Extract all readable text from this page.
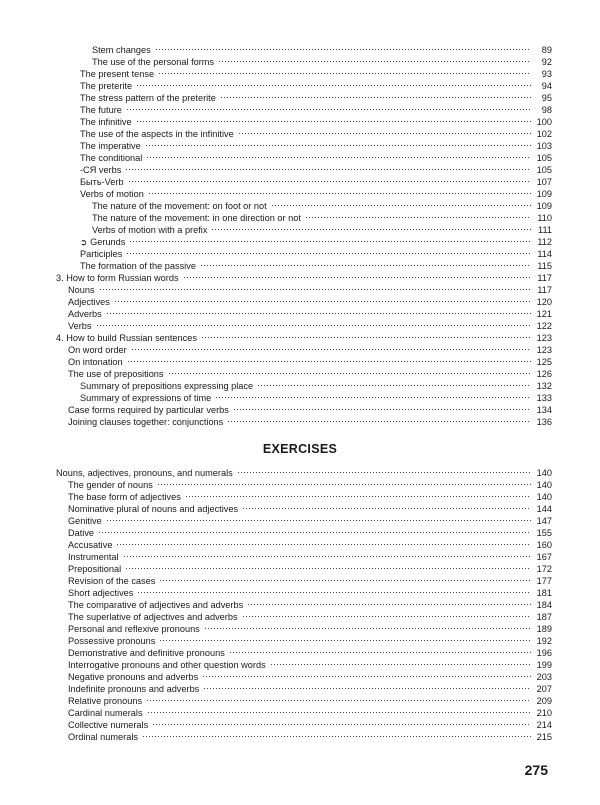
Stem changes	89
The use of the personal forms	92
The present tense	93
The preterite	94
The stress pattern of the preterite	95
The future	98
The infinitive	100
The use of the aspects in the infinitive	102
The imperative	103
The conditional	105
-СЯ verbs	105
Быть-Verb	107
Verbs of motion	109
The nature of the movement: on foot or not	109
The nature of the movement: in one direction or not	110
Verbs of motion with a prefix	111
➲ Gerunds	112
Participles	114
The formation of the passive	115
3. How to form Russian words	117
Nouns	117
Adjectives	120
Adverbs	121
Verbs	122
4. How to build Russian sentences	123
On word order	123
On intonation	125
The use of prepositions	126
Summary of prepositions expressing place	132
Summary of expressions of time	133
Case forms required by particular verbs	134
Joining clauses together: conjunctions	136
EXERCISES
Nouns, adjectives, pronouns, and numerals	140
The gender of nouns	140
The base form of adjectives	140
Nominative plural of nouns and adjectives	144
Genitive	147
Dative	155
Accusative	160
Instrumental	167
Prepositional	172
Revision of the cases	177
Short adjectives	181
The comparative of adjectives and adverbs	184
The superlative of adjectives and adverbs	187
Personal and reflexive pronouns	189
Possessive pronouns	192
Demonstrative and definitive pronouns	196
Interrogative pronouns and other question words	199
Negative pronouns and adverbs	203
Indefinite pronouns and adverbs	207
Relative pronouns	209
Cardinal numerals	210
Collective numerals	214
Ordinal numerals	215
275
